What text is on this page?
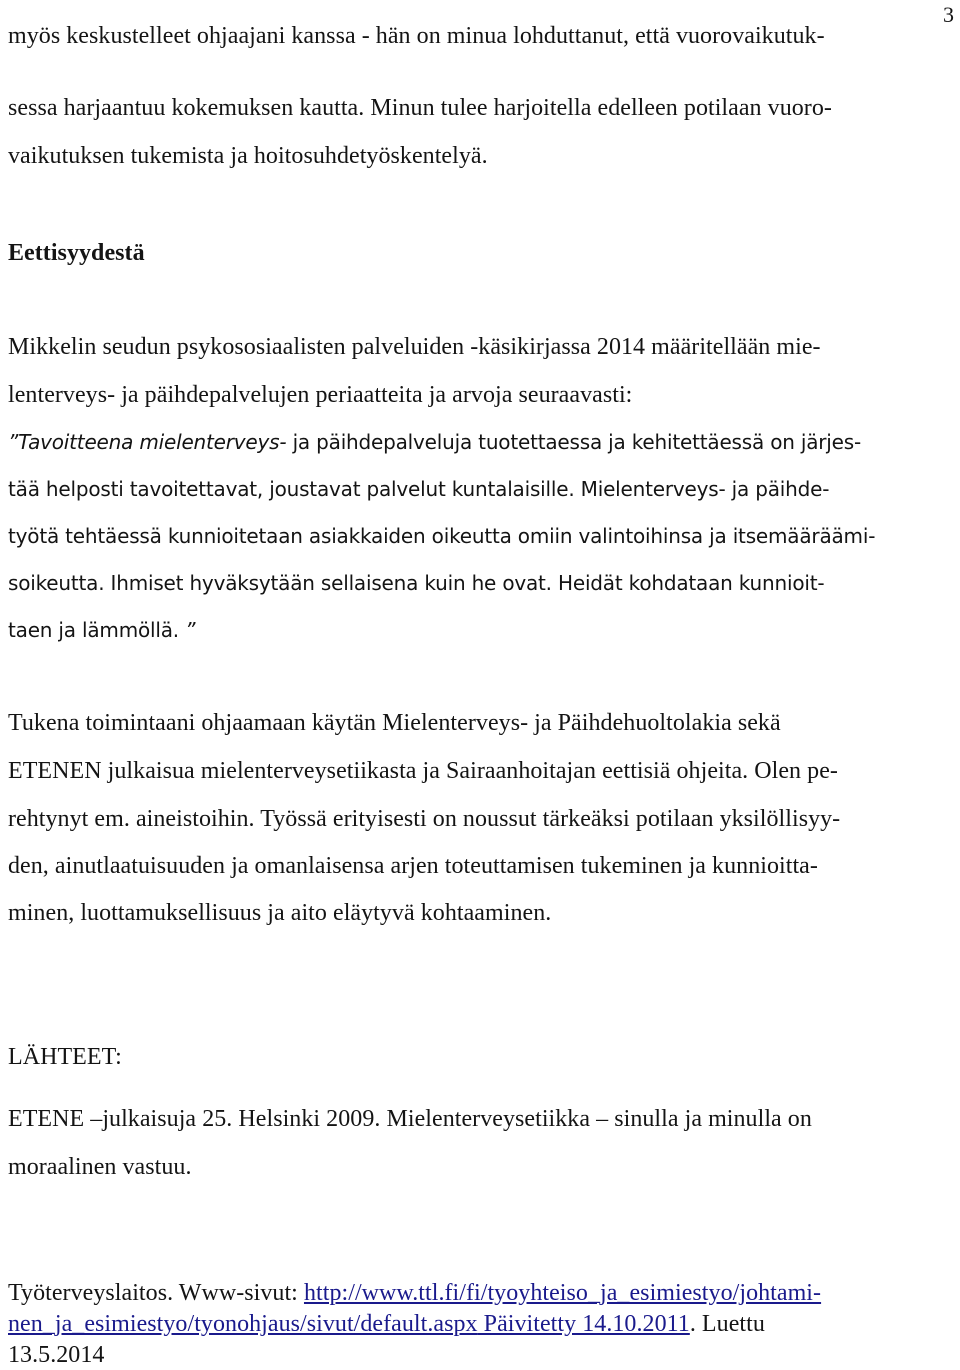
3
myös keskustelleet ohjaajani kanssa - hän on minua lohduttanut, että vuorovaikutuk-
sessa harjaantuu kokemuksen kautta. Minun tulee harjoitella edelleen potilaan vuoro-
vaikutuksen tukemista ja hoitosuhdetyöskentelyä.
Eettisyydestä
Mikkelin seudun psykososiaalisten palveluiden -käsikirjassa 2014 määritellään mie-
lenterveys- ja päihdepalvelujen periaatteita ja arvoja seuraavasti:
”Tavoitteena mielenterveys- ja päihdepalveluja tuotettaessa ja kehitettäessä on järjes-
tää helposti tavoitettavat, joustavat palvelut kuntalaisille. Mielenterveys- ja päihde-
työtä tehtäessä kunnioitetaan asiakkaiden oikeutta omiin valintoihinsa ja itsemääräämi-
soikeutta. Ihmiset hyväksytään sellaisena kuin he ovat. Heidät kohdataan kunnioit-
taen ja lämmöllä. ”
Tukena toimintaani ohjaamaan käytän Mielenterveys- ja Päihdehuoltolakia sekä
ETENEN julkaisua mielenterveysetiikasta ja Sairaanhoitajan eettisiä ohjeita. Olen pe-
rehtynyt em. aineistoihin. Työssä erityisesti on noussut tärkeäksi potilaan yksilöllisyy-
den, ainutlaatuisuuden ja omanlaisensa arjen toteuttamisen tukeminen ja kunnioitta-
minen, luottamuksellisuus ja aito eläytyvä kohtaaminen.
LÄHTEET:
ETENE –julkaisuja 25. Helsinki 2009. Mielenterveysetiikka – sinulla ja minulla on
moraalinen vastuu.
Työterveyslaitos. Www-sivut: http://www.ttl.fi/fi/tyoyhteiso_ja_esimiestyo/johtami-
nen_ja_esimiestyo/tyonohjaus/sivut/default.aspx Päivitetty 14.10.2011. Luettu
13.5.2014
